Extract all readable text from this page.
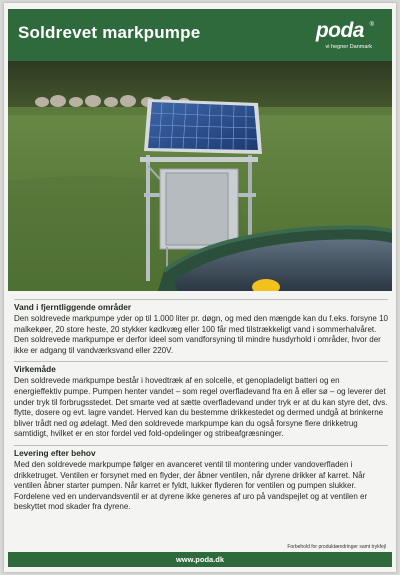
Soldrevet markpumpe	poda ®
vi hegner Danmark
Vand i fjerntliggende områder
Den soldrevede markpumpe yder op til 1.000 liter pr. døgn, og med den mængde kan du f.eks. forsyne 10 malkekøer, 20 store heste, 20 stykker kødkvæg eller 100 får med tilstrækkeligt vand i sommerhalvåret. Den soldrevede markpumpe er derfor ideel som vandforsyning til mindre husdyrhold i områder, hvor der ikke er adgang til vandværksvand eller 220V.
Virkemåde
Den soldrevede markpumpe består i hovedtræk af en solcelle, et genopladeligt batteri og en energieffektiv pumpe. Pumpen henter vandet – som regel overfladevand fra en å eller sø – og leverer det under tryk til forbrugsstedet. Det smarte ved at sætte overfladevand under tryk er at du kan styre det, dvs. flytte, dosere og evt. lagre vandet. Herved kan du bestemme drikkestedet og dermed undgå at brinkerne bliver trådt ned og ødelagt. Med den soldrevede markpumpe kan du også forsyne flere drikketrug samtidigt, hvilket er en stor fordel ved fold-opdelinger og stribeafgræsninger.
Levering efter behov
Med den soldrevede markpumpe følger en avanceret ventil til montering under vandoverfladen i drikketruget. Ventilen er forsynet med en flyder, der åbner ventilen, når dyrene drikker af karret. Når ventilen åbner starter pumpen. Når karret er fyldt, lukker flyderen for ventilen og pumpen slukker. Fordelene ved en undervandsventil er at dyrene ikke generes af uro på vandspejlet og at ventilen er beskyttet mod skader fra dyrene.
Forbehold for produktændringer samt trykfejl
www.poda.dk
